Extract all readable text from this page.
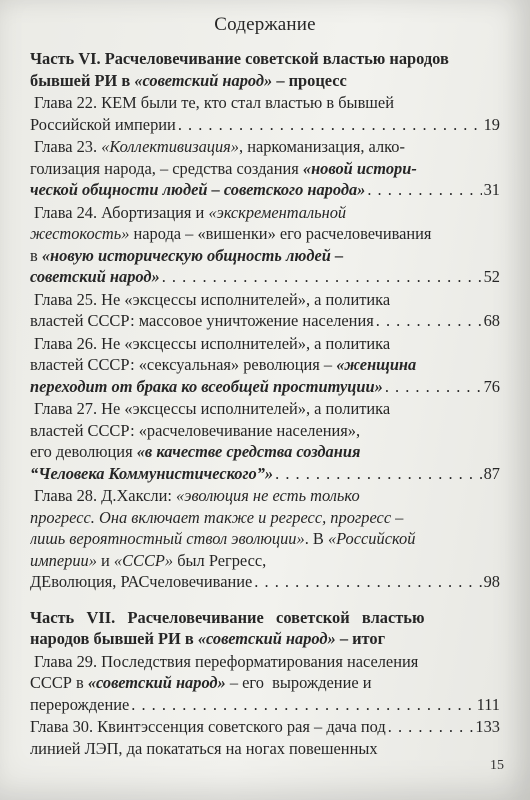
Содержание
Часть VI. Расчеловечивание советской властью народов
бывшей РИ в «советский народ» – процесс
Глава 22. КЕМ были те, кто стал властью в бывшей
Российской империи . . .	19
Глава 23. «Коллективизация», наркоманизация, алко-
голизация народа, – средства создания «новой истори-
ческой общности людей – советского народа» . . .	31
Глава 24. Абортизация и «экскрементальной
жестокость» народа – «вишенки» его расчеловечивания
в «новую историческую общность людей –
советский народ» . . .	52
Глава 25. Не «эксцессы исполнителей», а политика
властей СССР: массовое уничтожение населения . . .	68
Глава 26. Не «эксцессы исполнителей», а политика
властей СССР: «сексуальная» революция – «женщина
переходит от брака ко всеобщей проституции» . . .	76
Глава 27. Не «эксцессы исполнителей», а политика
властей СССР: «расчеловечивание населения»,
его деволюция «в качестве средства создания
“Человека Коммунистического”» . . .	87
Глава 28. Д.Хаксли: «эволюция не есть только
прогресс. Она включает также и регресс, прогресс –
лишь вероятностный ствол эволюции». В «Российской
империи» и «СССР» был Регресс,
ДЕволюция, РАСчеловечивание . . .	98
Часть   VII.   Расчеловечивание   советской   властью
народов бывшей РИ в «советский народ» – итог
Глава 29. Последствия переформатирования населения
СССР в «советский народ» – его  вырождение и
перерождение . . .	111
Глава 30. Квинтэссенция советского рая – дача под . . .	133
линией ЛЭП, да покататься на ногах повешенных
15
